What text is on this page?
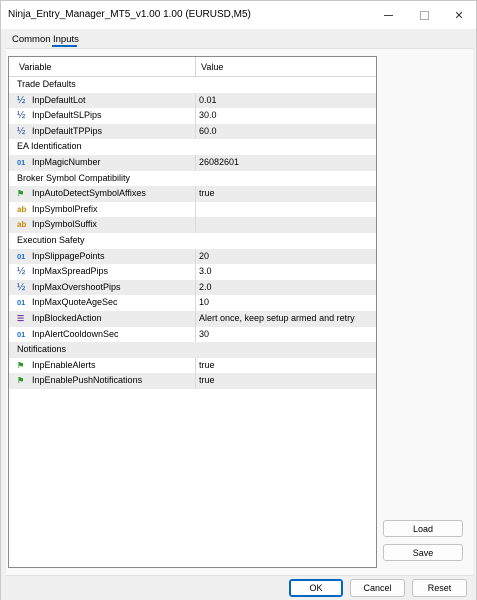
Ninja_Entry_Manager_MT5_v1.00 1.00 (EURUSD,M5)	✕
Common Inputs
Variable	Value
Trade Defaults
½ InpDefaultLot	0.01
½ InpDefaultSLPips	30.0
½ InpDefaultTPPips	60.0
EA Identification
01 InpMagicNumber	26082601
Broker Symbol Compatibility
⚑ InpAutoDetectSymbolAffixes	true
ab InpSymbolPrefix
ab InpSymbolSuffix
Execution Safety
01 InpSlippagePoints	20
½ InpMaxSpreadPips	3.0
½ InpMaxOvershootPips	2.0
01 InpMaxQuoteAgeSec	10
☰ InpBlockedAction	Alert once, keep setup armed and retry
01 InpAlertCooldownSec	30
Notifications
⚑ InpEnableAlerts	true
⚑ InpEnablePushNotifications	true
Load
Save
OK	Cancel	Reset
